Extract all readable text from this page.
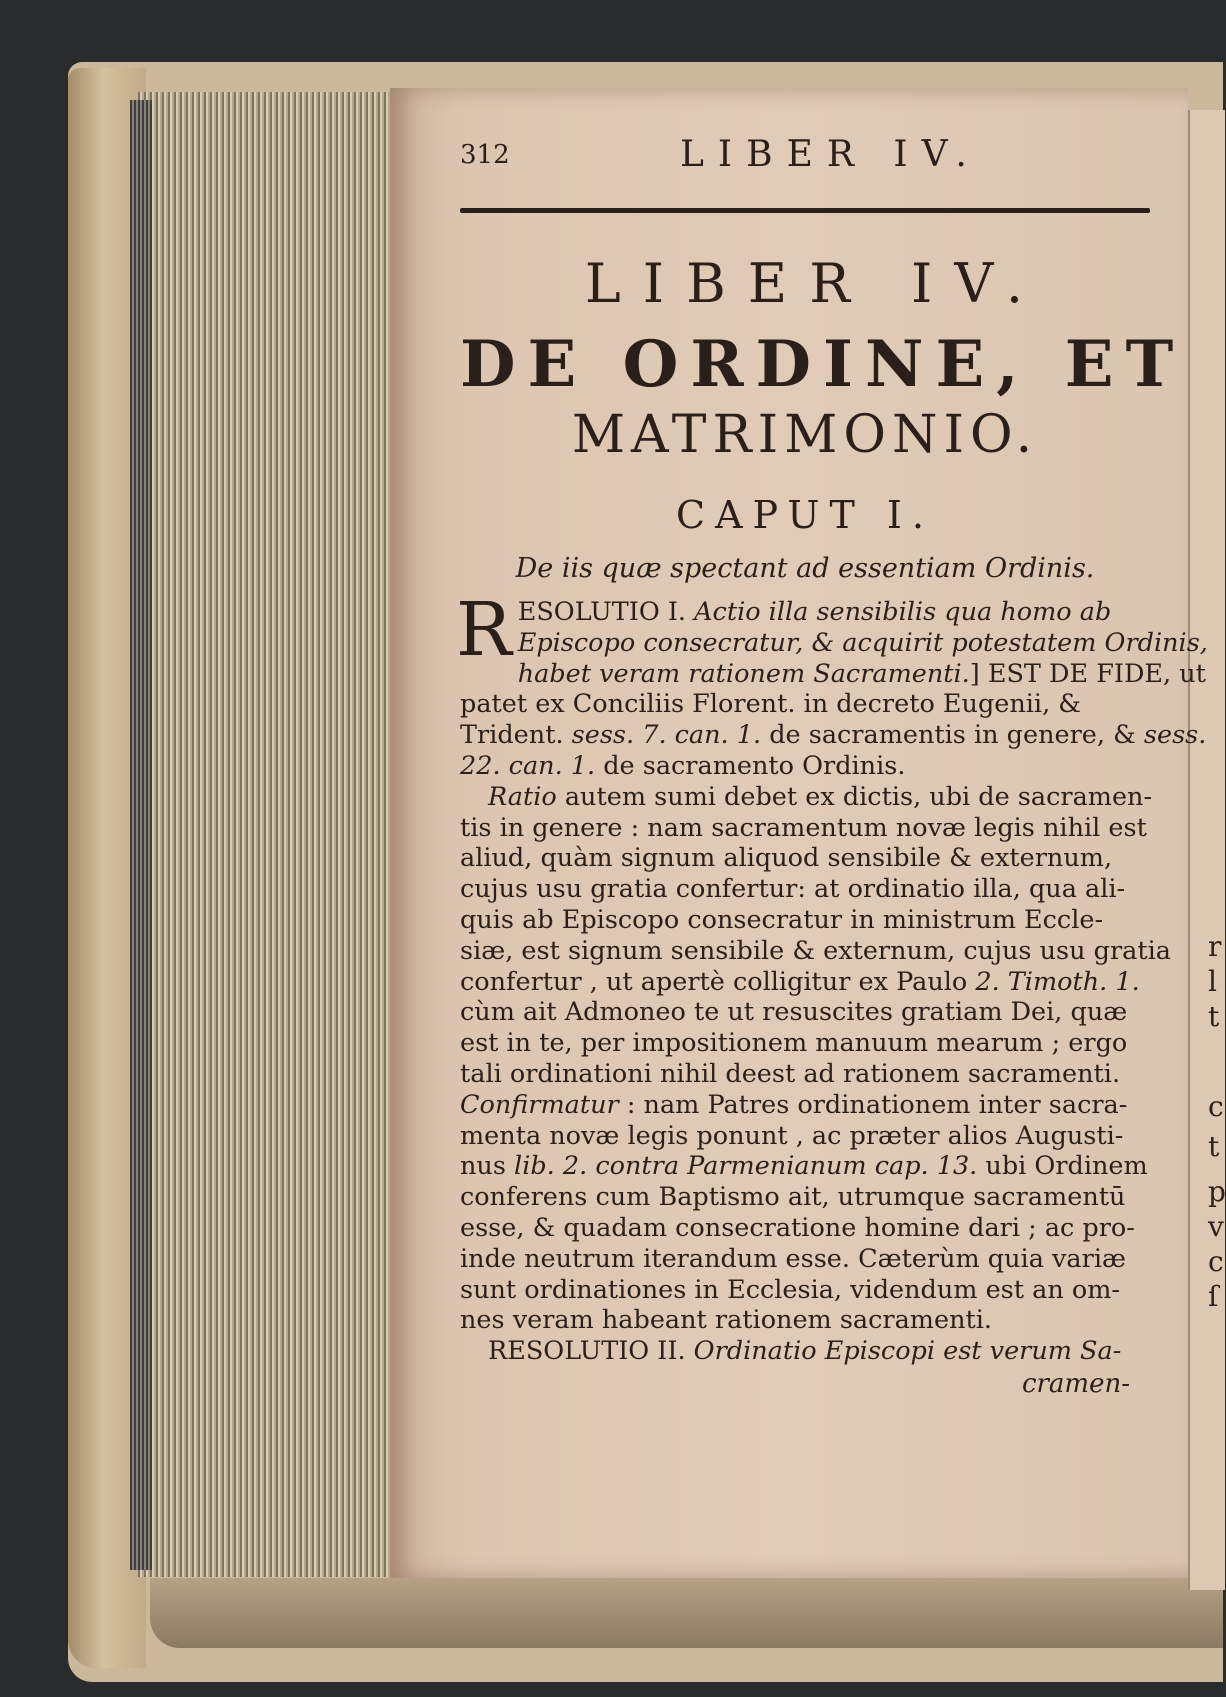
r
l
t
c
t
p
v
c
ſ
312	LIBER IV.
LIBER IV.
DE ORDINE, ET
MATRIMONIO.
CAPUT I.
De iis quæ spectant ad essentiam Ordinis.
R ESOLUTIO I. Actio illa sensibilis qua homo ab

Episcopo consecratur, & acquirit potestatem Ordinis,

habet veram rationem Sacramenti.] EST DE FIDE, ut

patet ex Conciliis Florent. in decreto Eugenii, &

Trident. sess. 7. can. 1. de sacramentis in genere, & sess.

22. can. 1. de sacramento Ordinis.

Ratio autem sumi debet ex dictis, ubi de sacramen-

tis in genere : nam sacramentum novæ legis nihil est

aliud, quàm signum aliquod sensibile & externum,

cujus usu gratia confertur: at ordinatio illa, qua ali-

quis ab Episcopo consecratur in ministrum Eccle-

siæ, est signum sensibile & externum, cujus usu gratia

confertur , ut apertè colligitur ex Paulo 2. Timoth. 1.

cùm ait Admoneo te ut resuscites gratiam Dei, quæ

est in te, per impositionem manuum mearum ; ergo

tali ordinationi nihil deest ad rationem sacramenti.

Confirmatur : nam Patres ordinationem inter sacra-

menta novæ legis ponunt , ac præter alios Augusti-

nus lib. 2. contra Parmenianum cap. 13. ubi Ordinem

conferens cum Baptismo ait, utrumque sacramentū

esse, & quadam consecratione homine dari ; ac pro-

inde neutrum iterandum esse. Cæterùm quia variæ

sunt ordinationes in Ecclesia, videndum est an om-

nes veram habeant rationem sacramenti.

RESOLUTIO II. Ordinatio Episcopi est verum Sa-

cramen-
